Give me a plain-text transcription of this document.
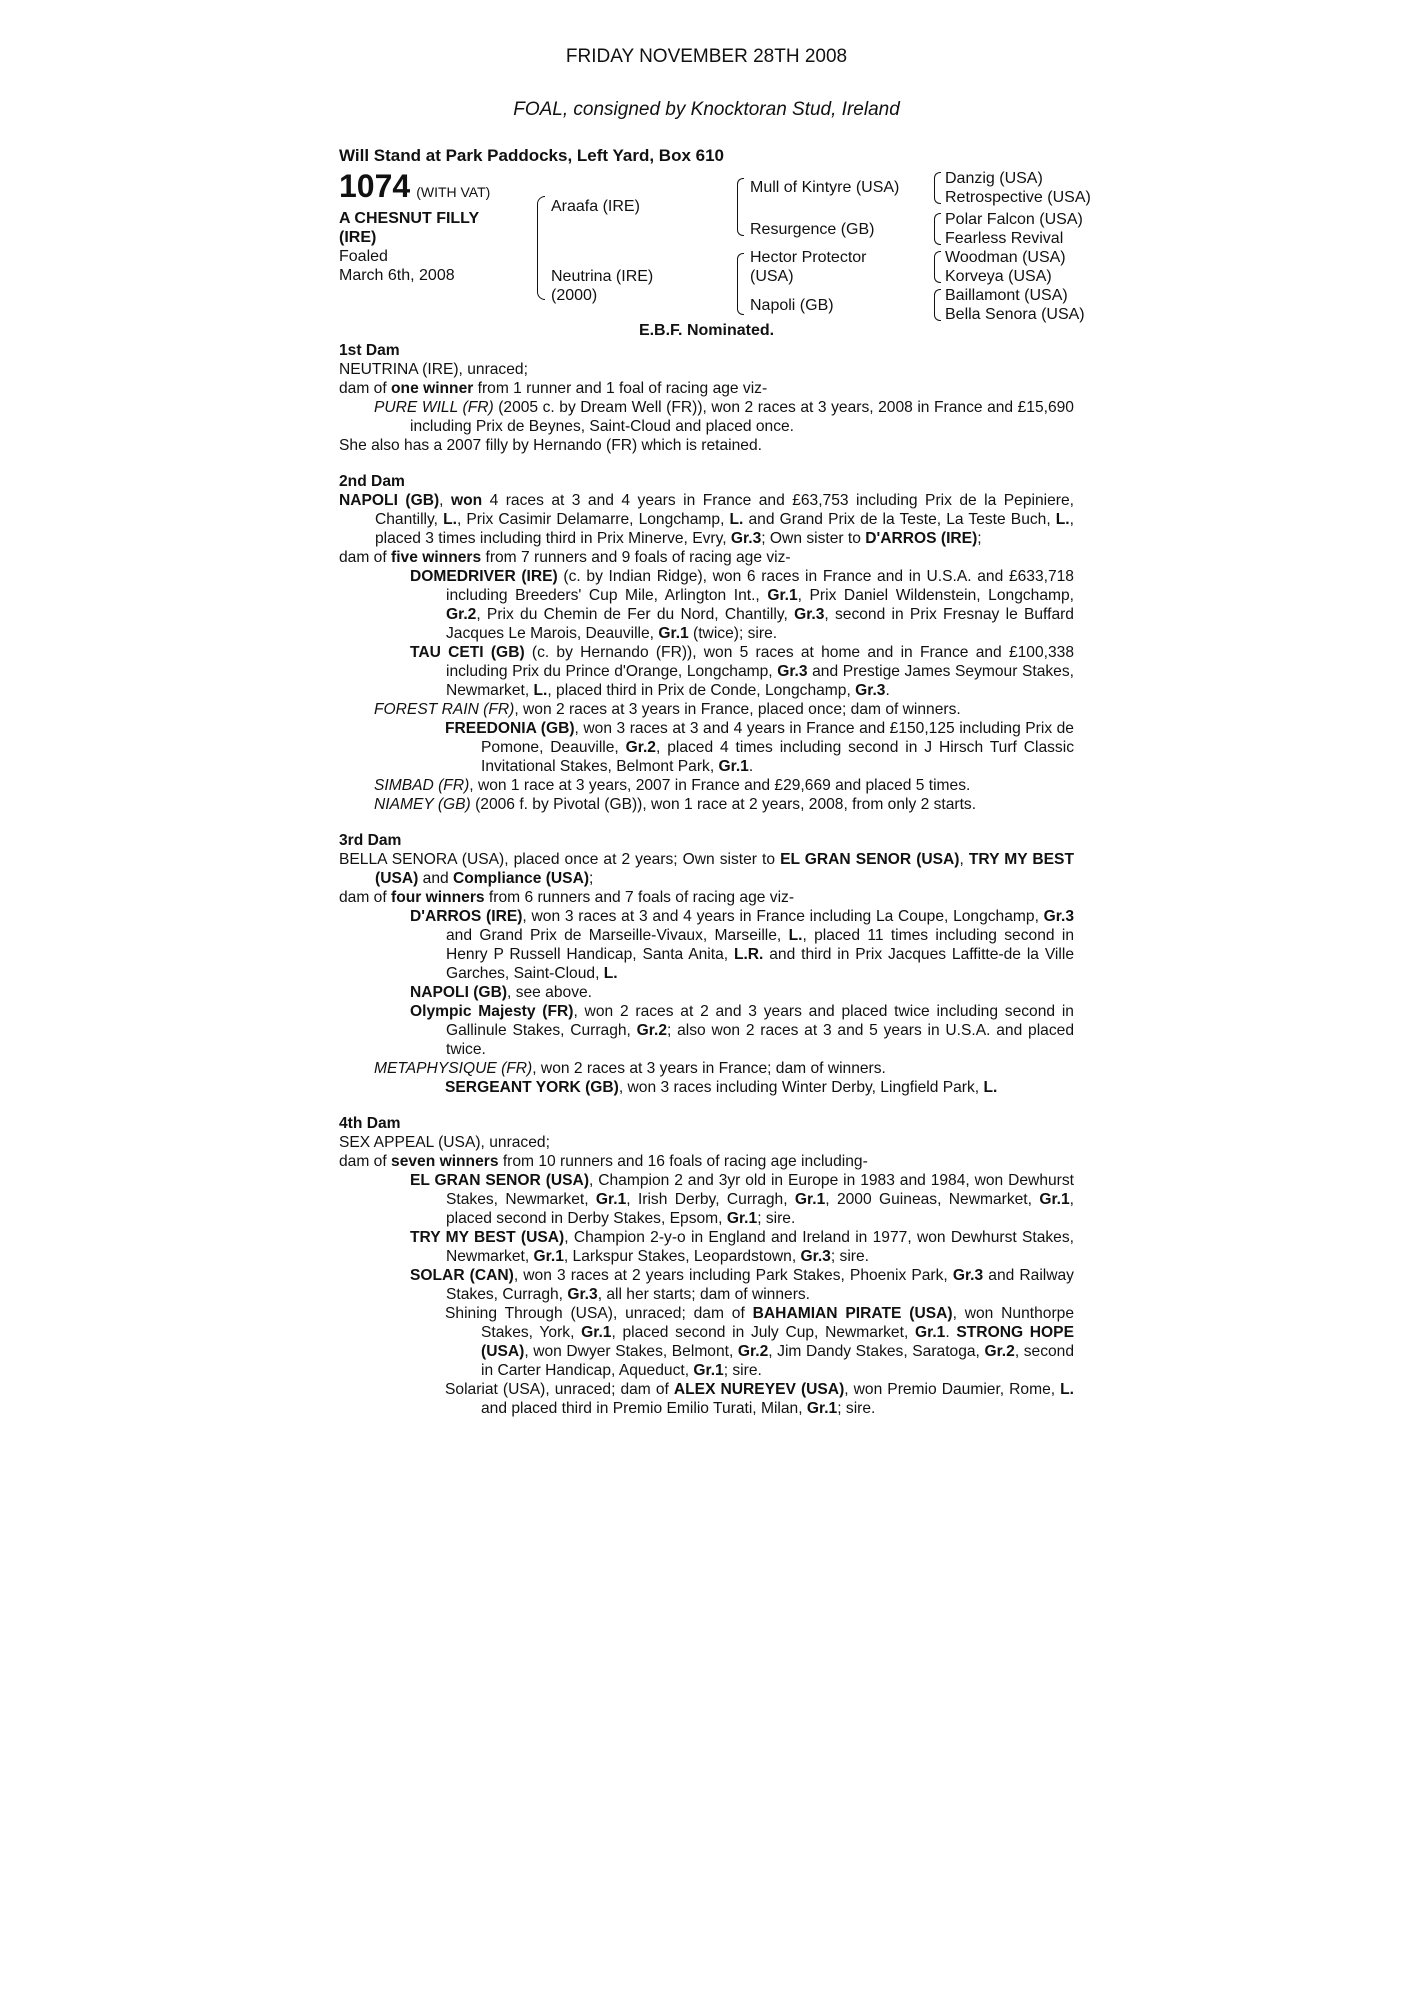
FRIDAY NOVEMBER 28TH 2008
FOAL, consigned by Knocktoran Stud, Ireland
Will Stand at Park Paddocks, Left Yard, Box 610
1074 (WITH VAT)
A CHESNUT FILLY
(IRE)
Foaled
March 6th, 2008
Araafa (IRE)
Neutrina (IRE)
(2000)
Mull of Kintyre (USA)
Resurgence (GB)
Hector Protector
(USA)
Napoli (GB)
Danzig (USA)
Retrospective (USA)
Polar Falcon (USA)
Fearless Revival
Woodman (USA)
Korveya (USA)
Baillamont (USA)
Bella Senora (USA)
E.B.F. Nominated.
1st Dam
NEUTRINA (IRE), unraced;
dam of one winner from 1 runner and 1 foal of racing age viz-
PURE WILL (FR) (2005 c. by Dream Well (FR)), won 2 races at 3 years, 2008 in France and £15,690 including Prix de Beynes, Saint-Cloud and placed once.
She also has a 2007 filly by Hernando (FR) which is retained.
2nd Dam
NAPOLI (GB), won 4 races at 3 and 4 years in France and £63,753 including Prix de la Pepiniere, Chantilly, L., Prix Casimir Delamarre, Longchamp, L. and Grand Prix de la Teste, La Teste Buch, L., placed 3 times including third in Prix Minerve, Evry, Gr.3; Own sister to D'ARROS (IRE);
dam of five winners from 7 runners and 9 foals of racing age viz-
DOMEDRIVER (IRE) (c. by Indian Ridge), won 6 races in France and in U.S.A. and £633,718 including Breeders' Cup Mile, Arlington Int., Gr.1, Prix Daniel Wildenstein, Longchamp, Gr.2, Prix du Chemin de Fer du Nord, Chantilly, Gr.3, second in Prix Fresnay le Buffard Jacques Le Marois, Deauville, Gr.1 (twice); sire.
TAU CETI (GB) (c. by Hernando (FR)), won 5 races at home and in France and £100,338 including Prix du Prince d'Orange, Longchamp, Gr.3 and Prestige James Seymour Stakes, Newmarket, L., placed third in Prix de Conde, Longchamp, Gr.3.
FOREST RAIN (FR), won 2 races at 3 years in France, placed once; dam of winners.
FREEDONIA (GB), won 3 races at 3 and 4 years in France and £150,125 including Prix de Pomone, Deauville, Gr.2, placed 4 times including second in J Hirsch Turf Classic Invitational Stakes, Belmont Park, Gr.1.
SIMBAD (FR), won 1 race at 3 years, 2007 in France and £29,669 and placed 5 times.
NIAMEY (GB) (2006 f. by Pivotal (GB)), won 1 race at 2 years, 2008, from only 2 starts.
3rd Dam
BELLA SENORA (USA), placed once at 2 years; Own sister to EL GRAN SENOR (USA), TRY MY BEST (USA) and Compliance (USA);
dam of four winners from 6 runners and 7 foals of racing age viz-
D'ARROS (IRE), won 3 races at 3 and 4 years in France including La Coupe, Longchamp, Gr.3 and Grand Prix de Marseille-Vivaux, Marseille, L., placed 11 times including second in Henry P Russell Handicap, Santa Anita, L.R. and third in Prix Jacques Laffitte-de la Ville Garches, Saint-Cloud, L.
NAPOLI (GB), see above.
Olympic Majesty (FR), won 2 races at 2 and 3 years and placed twice including second in Gallinule Stakes, Curragh, Gr.2; also won 2 races at 3 and 5 years in U.S.A. and placed twice.
METAPHYSIQUE (FR), won 2 races at 3 years in France; dam of winners.
SERGEANT YORK (GB), won 3 races including Winter Derby, Lingfield Park, L.
4th Dam
SEX APPEAL (USA), unraced;
dam of seven winners from 10 runners and 16 foals of racing age including-
EL GRAN SENOR (USA), Champion 2 and 3yr old in Europe in 1983 and 1984, won Dewhurst Stakes, Newmarket, Gr.1, Irish Derby, Curragh, Gr.1, 2000 Guineas, Newmarket, Gr.1, placed second in Derby Stakes, Epsom, Gr.1; sire.
TRY MY BEST (USA), Champion 2-y-o in England and Ireland in 1977, won Dewhurst Stakes, Newmarket, Gr.1, Larkspur Stakes, Leopardstown, Gr.3; sire.
SOLAR (CAN), won 3 races at 2 years including Park Stakes, Phoenix Park, Gr.3 and Railway Stakes, Curragh, Gr.3, all her starts; dam of winners.
Shining Through (USA), unraced; dam of BAHAMIAN PIRATE (USA), won Nunthorpe Stakes, York, Gr.1, placed second in July Cup, Newmarket, Gr.1. STRONG HOPE (USA), won Dwyer Stakes, Belmont, Gr.2, Jim Dandy Stakes, Saratoga, Gr.2, second in Carter Handicap, Aqueduct, Gr.1; sire.
Solariat (USA), unraced; dam of ALEX NUREYEV (USA), won Premio Daumier, Rome, L. and placed third in Premio Emilio Turati, Milan, Gr.1; sire.
